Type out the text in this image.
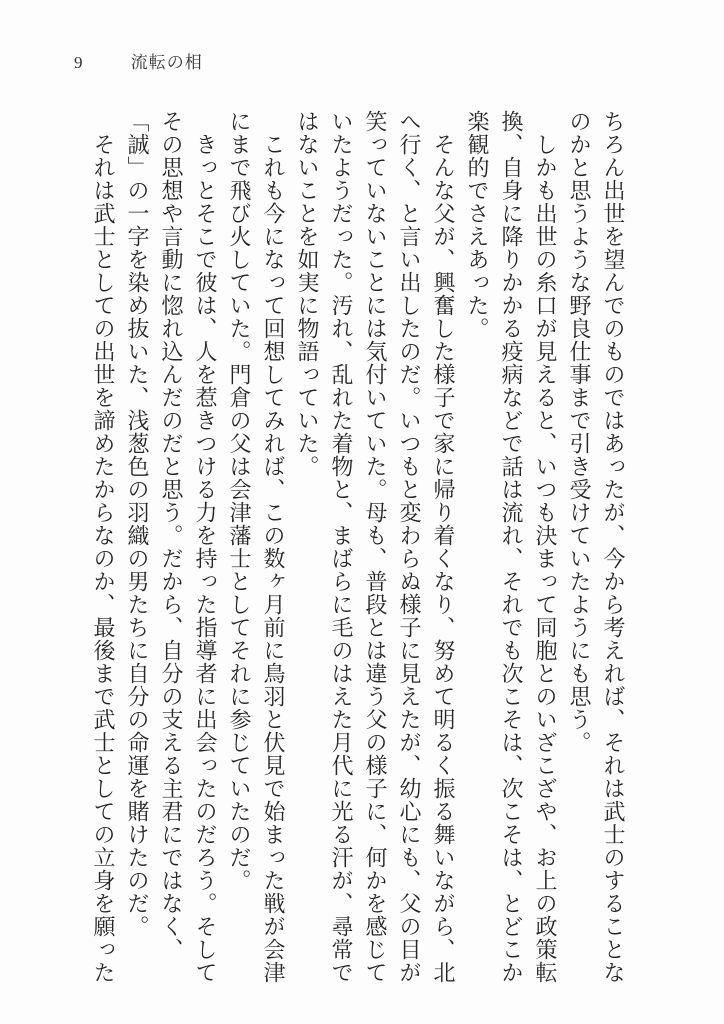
9	流転の相
ちろん出世を望んでのものではあったが、今から考えれば、それは武士のすることな
のかと思うような野良仕事まで引き受けていたようにも思う。
しかも出世の糸口が見えると、いつも決まって同胞とのいざこざや、お上の政策転
換、自身に降りかかる疫病などで話は流れ、それでも次こそは、次こそは、とどこか
楽観的でさえあった。
そんな父が、興奮した様子で家に帰り着くなり、努めて明るく振る舞いながら、北
へ行く、と言い出したのだ。いつもと変わらぬ様子に見えたが、幼心にも、父の目が
笑っていないことには気付いていた。母も、普段とは違う父の様子に、何かを感じて
いたようだった。汚れ、乱れた着物と、まばらに毛のはえた月代に光る汗が、尋常で
はないことを如実に物語っていた。
これも今になって回想してみれば、この数ヶ月前に鳥羽と伏見で始まった戦が会津
にまで飛び火していた。門倉の父は会津藩士としてそれに参じていたのだ。
きっとそこで彼は、人を惹きつける力を持った指導者に出会ったのだろう。そして
その思想や言動に惚れ込んだのだと思う。だから、自分の支える主君にではなく、
「誠」の一字を染め抜いた、浅葱色の羽織の男たちに自分の命運を賭けたのだ。
それは武士としての出世を諦めたからなのか、最後まで武士としての立身を願った
